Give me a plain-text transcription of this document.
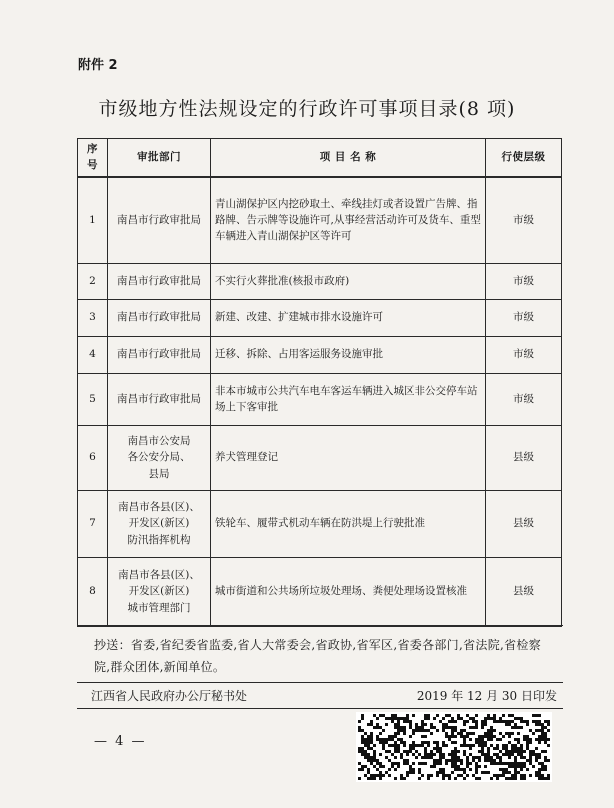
附件 2
市级地方性法规设定的行政许可事项目录(8 项)
序号	审批部门	项 目 名 称	行使层级
1	南昌市行政审批局	青山湖保护区内挖砂取土、牵线挂灯或者设置广告牌、指路牌、告示牌等设施许可,从事经营活动许可及货车、重型车辆进入青山湖保护区等许可	市级
2	南昌市行政审批局	不实行火葬批准(核报市政府)	市级
3	南昌市行政审批局	新建、改建、扩建城市排水设施许可	市级
4	南昌市行政审批局	迁移、拆除、占用客运服务设施审批	市级
5	南昌市行政审批局	非本市城市公共汽车电车客运车辆进入城区非公交停车站场上下客审批	市级
6	南昌市公安局
各公安分局、
县局	养犬管理登记	县级
7	南昌市各县(区)、
开发区(新区)
防汛指挥机构	铁轮车、履带式机动车辆在防洪堤上行驶批准	县级
8	南昌市各县(区)、
开发区(新区)
城市管理部门	城市街道和公共场所垃圾处理场、粪便处理场设置核准	县级
抄送：省委,省纪委省监委,省人大常委会,省政协,省军区,省委各部门,省法院,省检察院,群众团体,新闻单位。
江西省人民政府办公厅秘书处	2019 年 12 月 30 日印发
— 4 —
